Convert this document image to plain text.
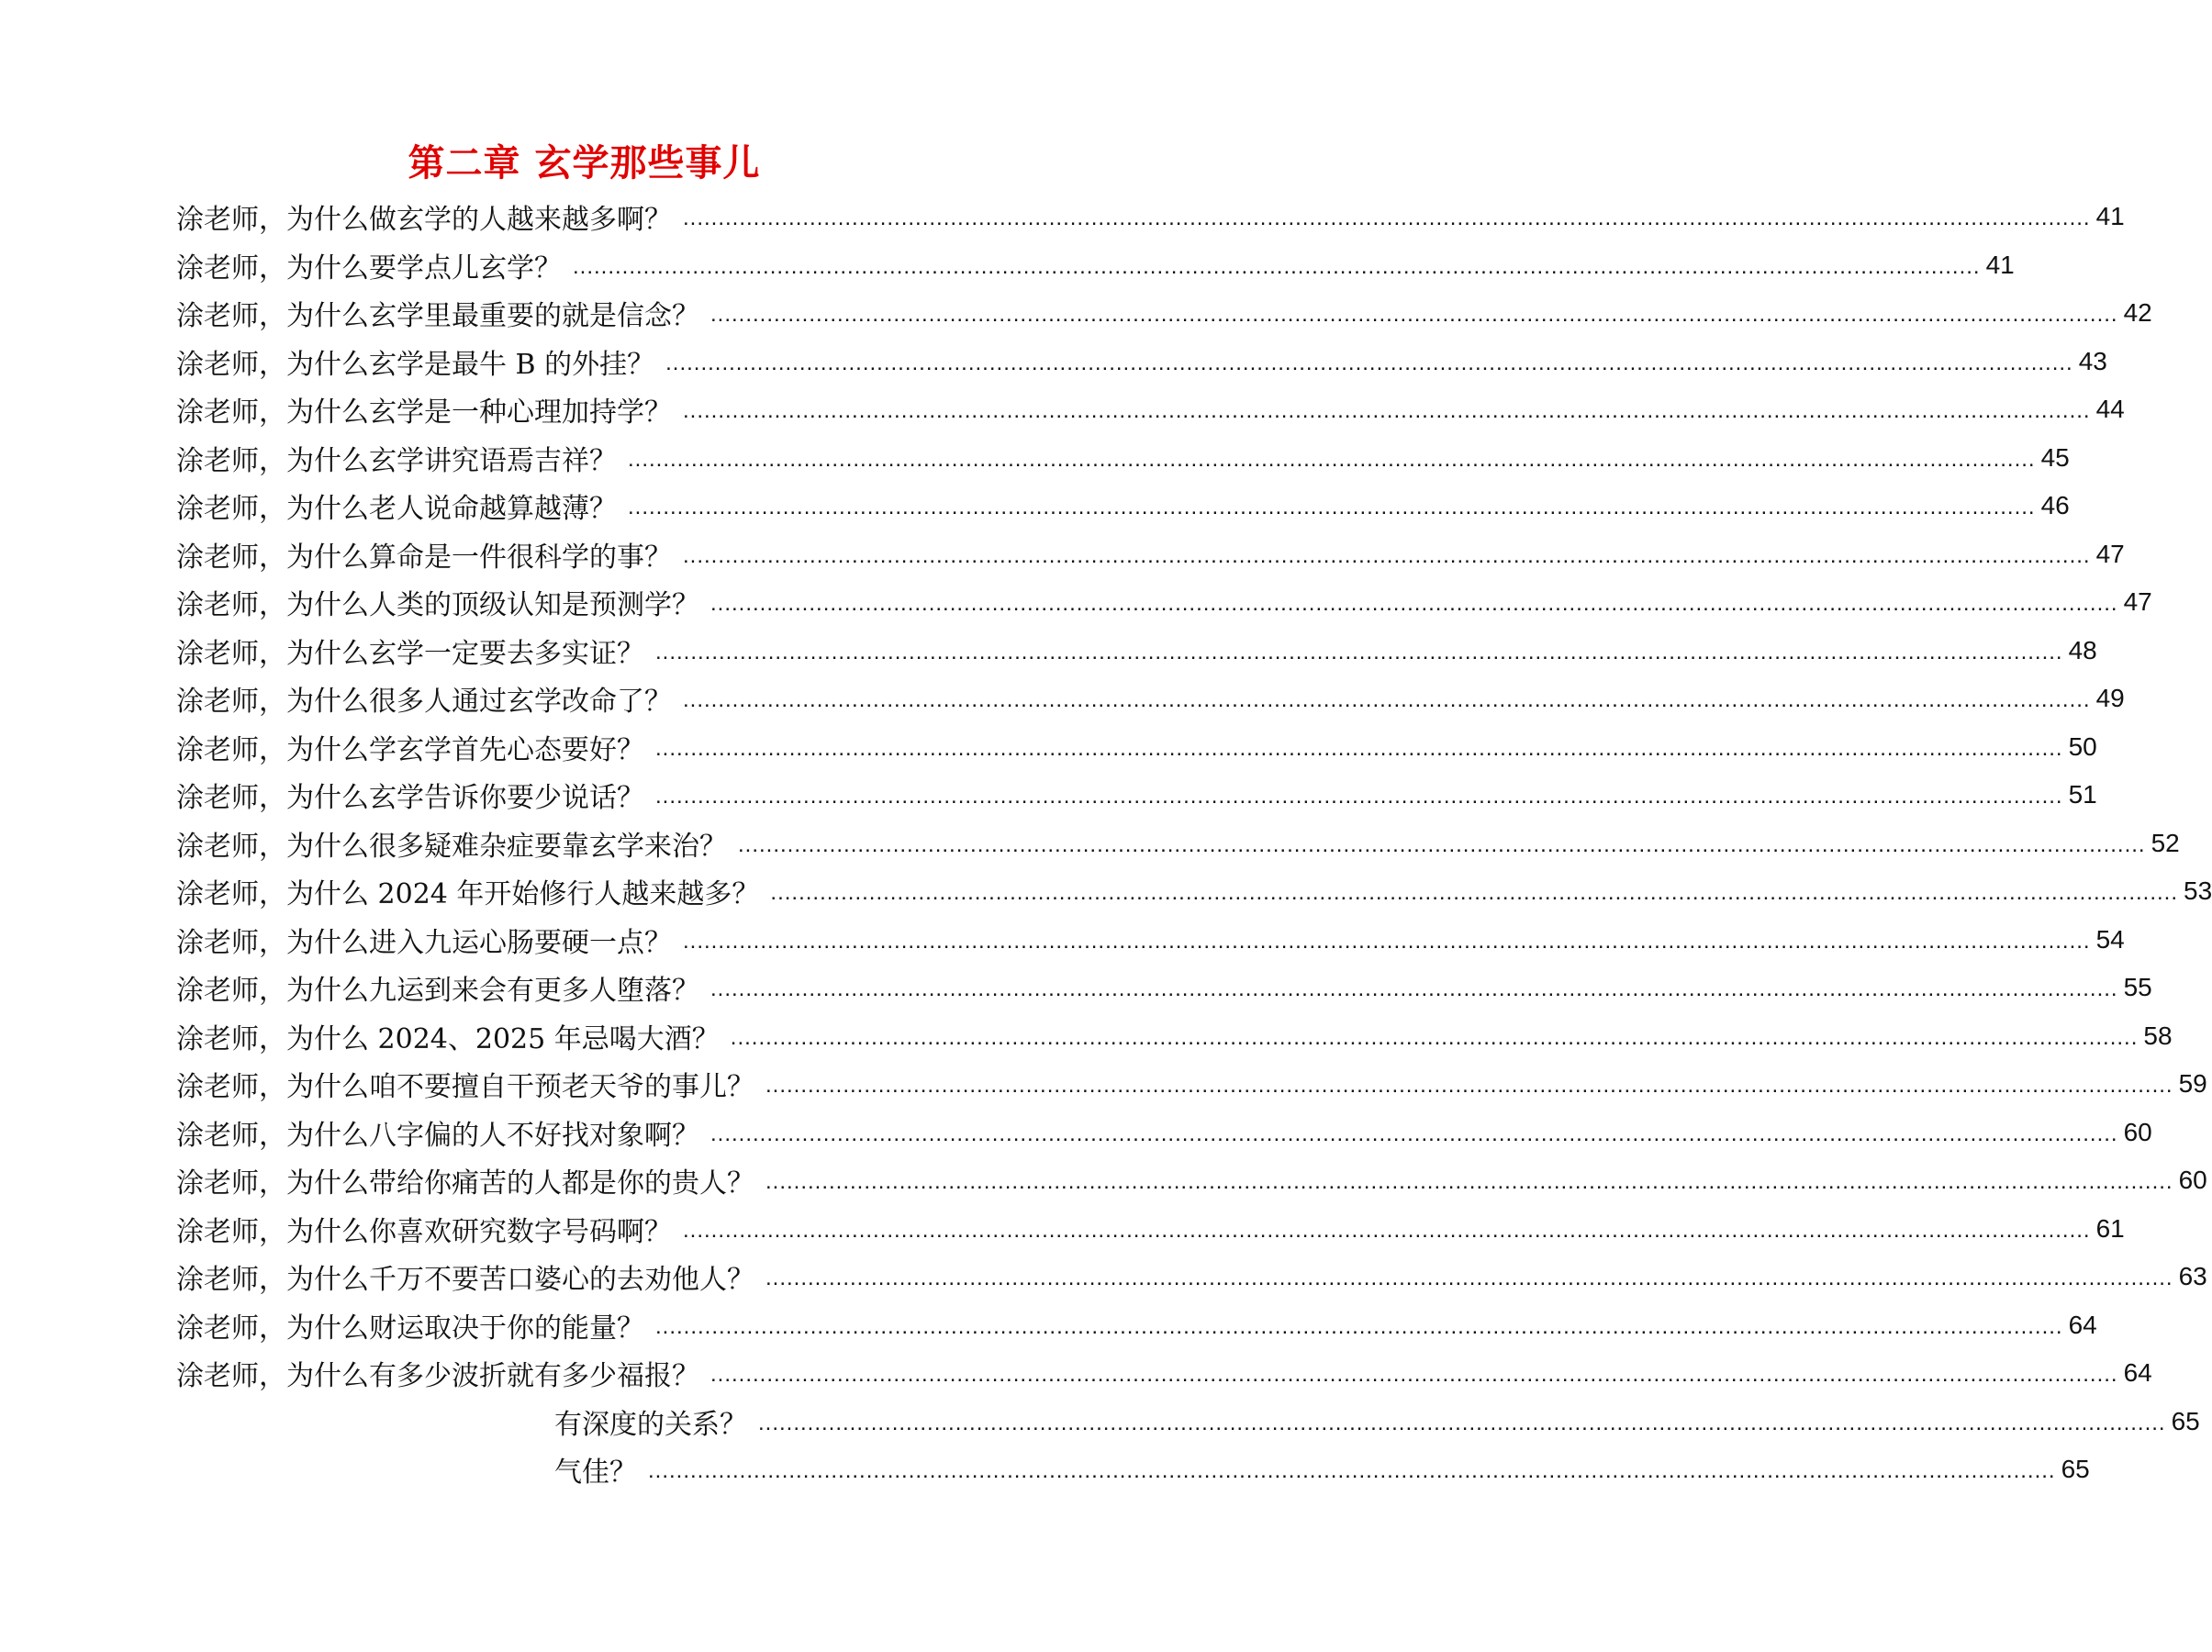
第二章 玄学那些事儿
涂老师，为什么做玄学的人越来越多啊？ ........................................................................................................................................................................................................ 41
涂老师，为什么要学点儿玄学？ ........................................................................................................................................................................................................ 41
涂老师，为什么玄学里最重要的就是信念？ ........................................................................................................................................................................................................ 42
涂老师，为什么玄学是最牛 B 的外挂？ ........................................................................................................................................................................................................ 43
涂老师，为什么玄学是一种心理加持学？ ........................................................................................................................................................................................................ 44
涂老师，为什么玄学讲究语焉吉祥？ ........................................................................................................................................................................................................ 45
涂老师，为什么老人说命越算越薄？ ........................................................................................................................................................................................................ 46
涂老师，为什么算命是一件很科学的事？ ........................................................................................................................................................................................................ 47
涂老师，为什么人类的顶级认知是预测学？ ........................................................................................................................................................................................................ 47
涂老师，为什么玄学一定要去多实证？ ........................................................................................................................................................................................................ 48
涂老师，为什么很多人通过玄学改命了？ ........................................................................................................................................................................................................ 49
涂老师，为什么学玄学首先心态要好？ ........................................................................................................................................................................................................ 50
涂老师，为什么玄学告诉你要少说话？ ........................................................................................................................................................................................................ 51
涂老师，为什么很多疑难杂症要靠玄学来治？ ........................................................................................................................................................................................................ 52
涂老师，为什么 2024 年开始修行人越来越多？ ........................................................................................................................................................................................................ 53
涂老师，为什么进入九运心肠要硬一点？ ........................................................................................................................................................................................................ 54
涂老师，为什么九运到来会有更多人堕落？ ........................................................................................................................................................................................................ 55
涂老师，为什么 2024、2025 年忌喝大酒？ ........................................................................................................................................................................................................ 58
涂老师，为什么咱不要擅自干预老天爷的事儿？ ........................................................................................................................................................................................................ 59
涂老师，为什么八字偏的人不好找对象啊？ ........................................................................................................................................................................................................ 60
涂老师，为什么带给你痛苦的人都是你的贵人？ ........................................................................................................................................................................................................ 60
涂老师，为什么你喜欢研究数字号码啊？ ........................................................................................................................................................................................................ 61
涂老师，为什么千万不要苦口婆心的去劝他人？ ........................................................................................................................................................................................................ 63
涂老师，为什么财运取决于你的能量？ ........................................................................................................................................................................................................ 64
涂老师，为什么有多少波折就有多少福报？ ........................................................................................................................................................................................................ 64
有深度的关系？ ........................................................................................................................................................................................................ 65
气佳？ ........................................................................................................................................................................................................ 65
